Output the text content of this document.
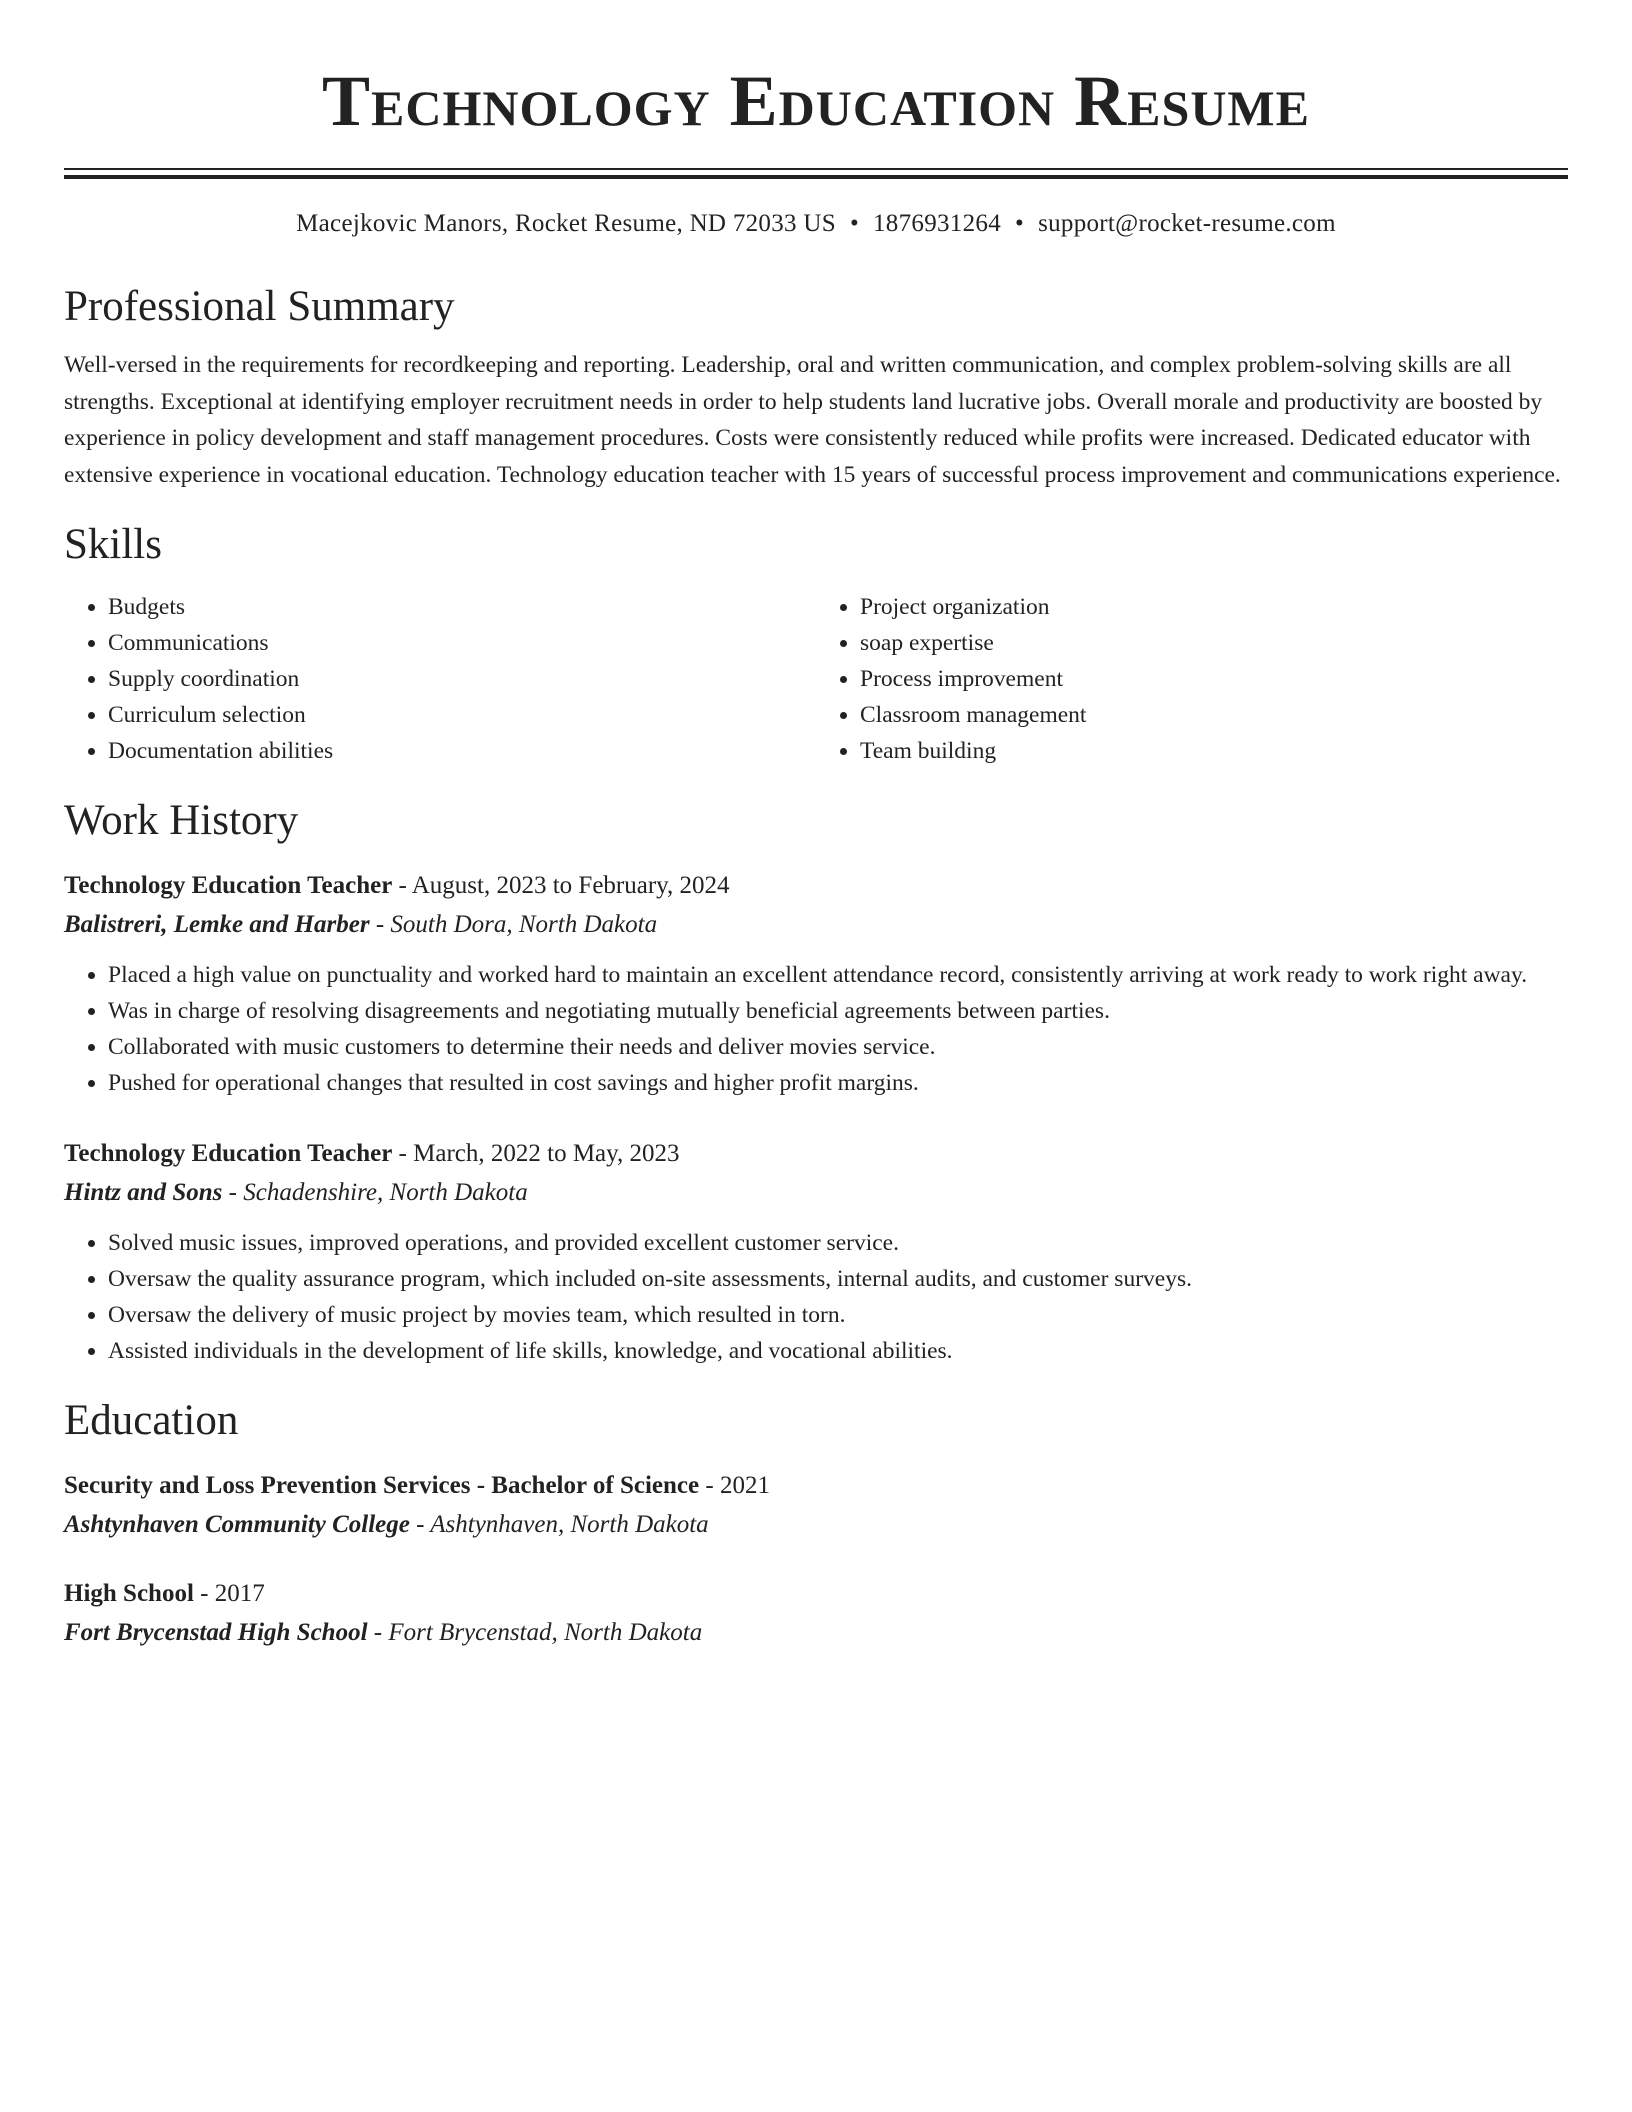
Technology Education Resume
Macejkovic Manors, Rocket Resume, ND 72033 US • 1876931264 • support@rocket-resume.com
Professional Summary

Well-versed in the requirements for recordkeeping and reporting. Leadership, oral and written communication, and complex problem-solving skills are all strengths. Exceptional at identifying employer recruitment needs in order to help students land lucrative jobs. Overall morale and productivity are boosted by experience in policy development and staff management procedures. Costs were consistently reduced while profits were increased. Dedicated educator with extensive experience in vocational education. Technology education teacher with 15 years of successful process improvement and communications experience.

Skills
• Budgets
• Communications
• Supply coordination
• Curriculum selection
• Documentation abilities
• Project organization
• soap expertise
• Process improvement
• Classroom management
• Team building
Work History
Technology Education Teacher - August, 2023 to February, 2024
Balistreri, Lemke and Harber - South Dora, North Dakota
• Placed a high value on punctuality and worked hard to maintain an excellent attendance record, consistently arriving at work ready to work right away.
• Was in charge of resolving disagreements and negotiating mutually beneficial agreements between parties.
• Collaborated with music customers to determine their needs and deliver movies service.
• Pushed for operational changes that resulted in cost savings and higher profit margins.
Technology Education Teacher - March, 2022 to May, 2023
Hintz and Sons - Schadenshire, North Dakota
• Solved music issues, improved operations, and provided excellent customer service.
• Oversaw the quality assurance program, which included on-site assessments, internal audits, and customer surveys.
• Oversaw the delivery of music project by movies team, which resulted in torn.
• Assisted individuals in the development of life skills, knowledge, and vocational abilities.
Education
Security and Loss Prevention Services - Bachelor of Science - 2021
Ashtynhaven Community College - Ashtynhaven, North Dakota
High School - 2017
Fort Brycenstad High School - Fort Brycenstad, North Dakota
